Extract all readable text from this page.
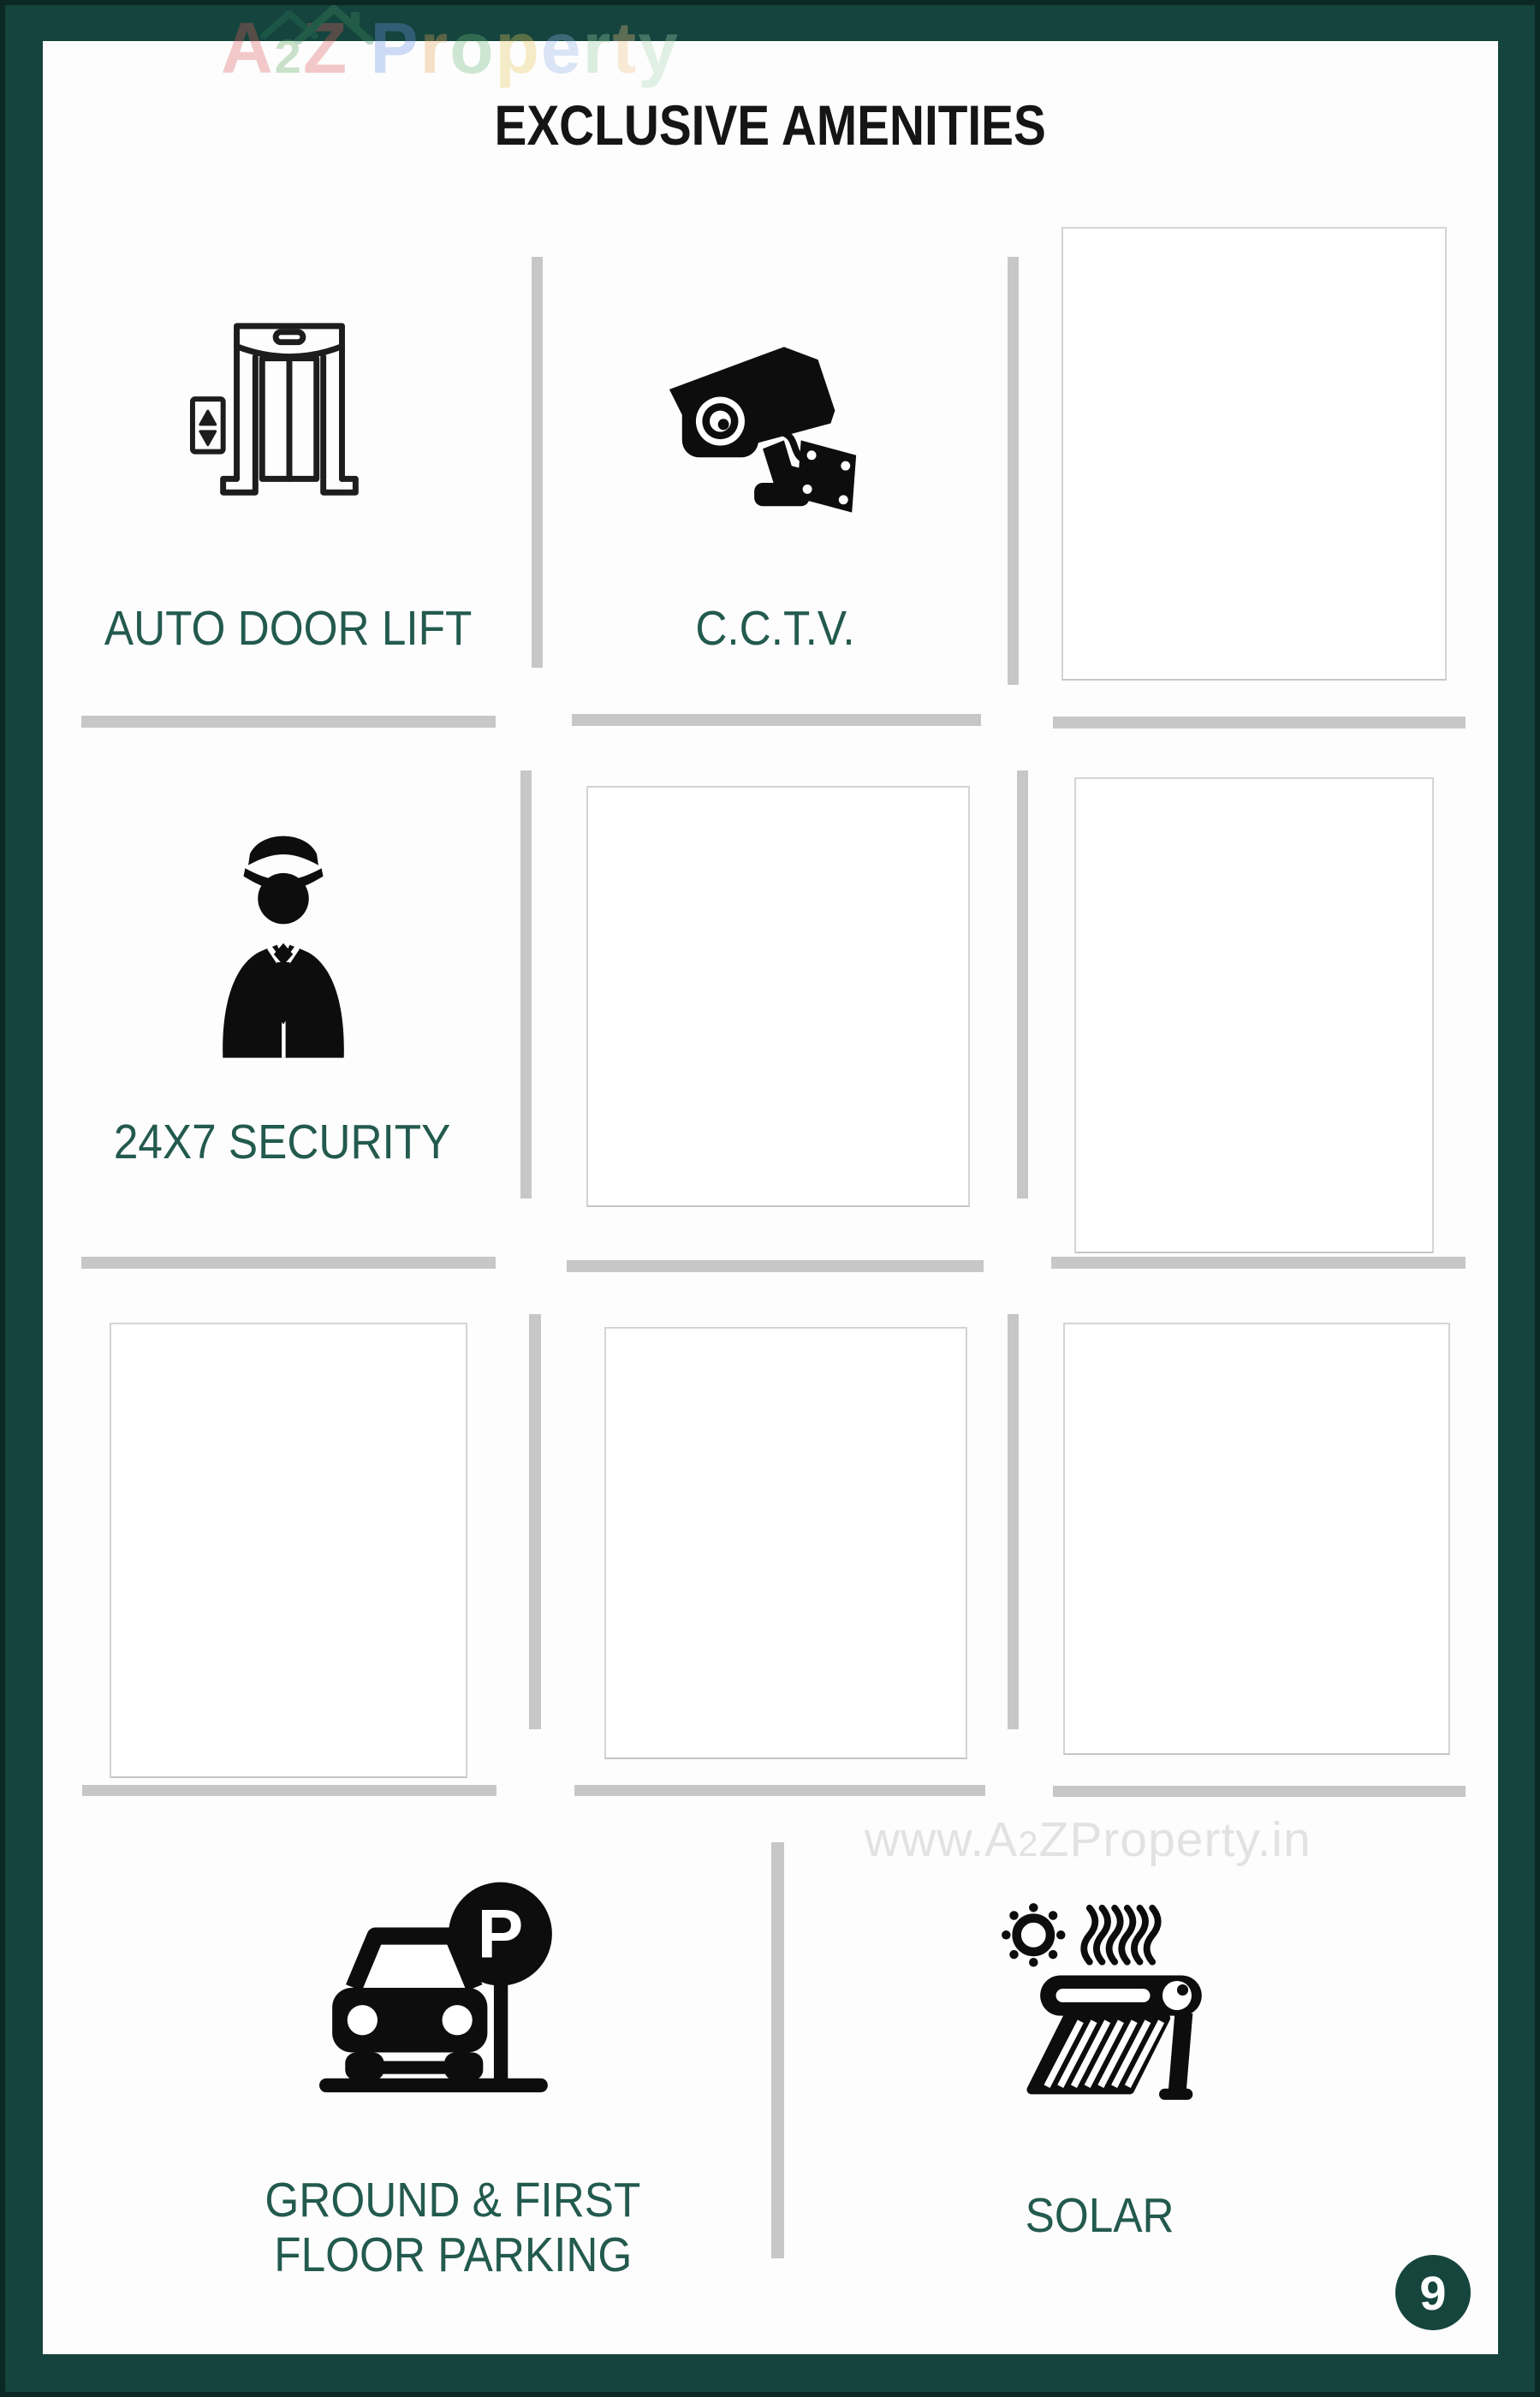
A2Z Property
EXCLUSIVE AMENITIES
AUTO DOOR LIFT	C.C.T.V.
24X7 SECURITY
www.A2ZProperty.in
P
GROUND & FIRST
FLOOR PARKING
SOLAR
9
